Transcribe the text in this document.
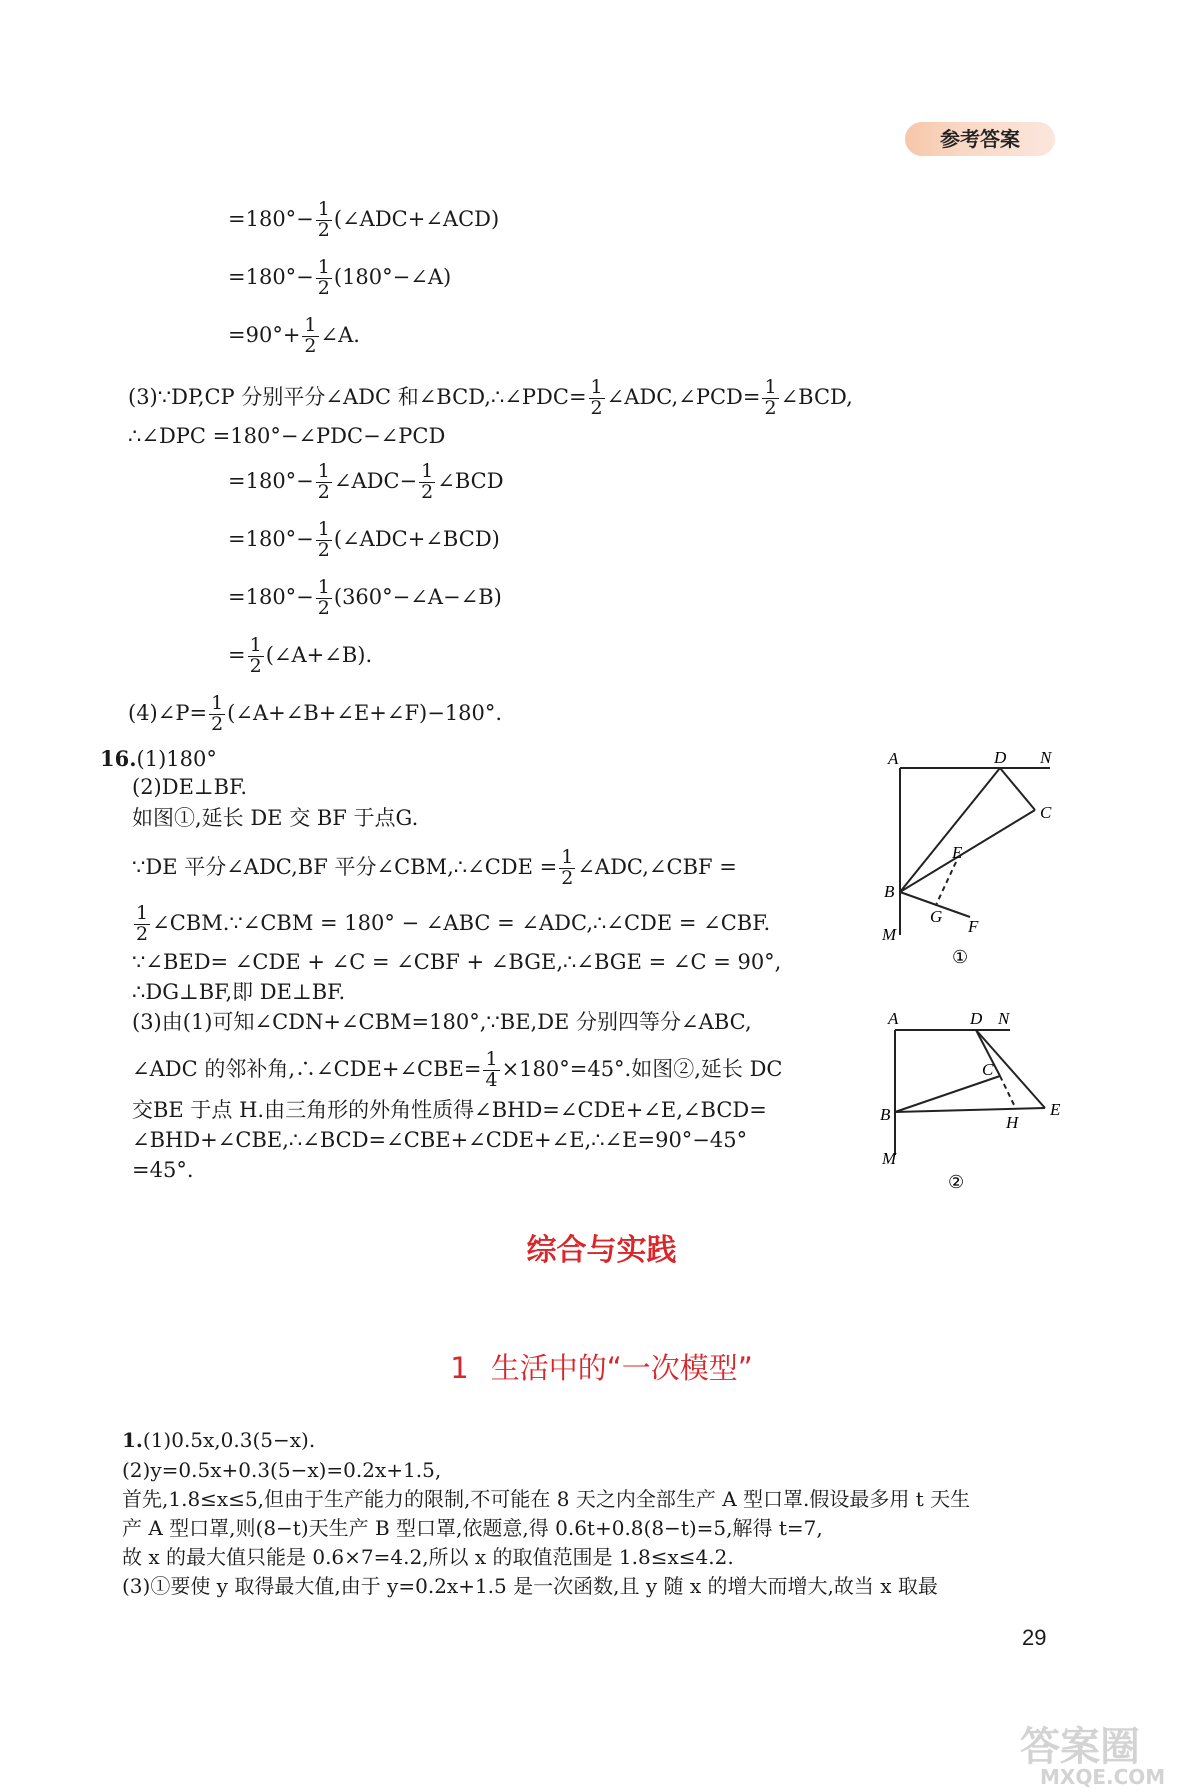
参考答案
$=180^\circ- \frac{1}{2}$ (∠ADC+∠ACD)
$=180^\circ- \frac{1}{2}$ (180°−∠A)
$=90^\circ+ \frac{1}{2}$ ∠A.
(3)∵DP,CP 分别平分∠ADC 和∠BCD,∴∠PDC= $\frac{1}{2}$ ∠ADC,∠PCD= $\frac{1}{2}$ ∠BCD,
∴∠DPC =180°−∠PDC−∠PCD
$=180^\circ- \frac{1}{2}$ ∠ADC− $\frac{1}{2}$ ∠BCD
$=180^\circ- \frac{1}{2}$ (∠ADC+∠BCD)
$=180^\circ- \frac{1}{2}$ (360°−∠A−∠B)
= $\frac{1}{2}$ (∠A+∠B).
(4)∠P= $\frac{1}{2}$ (∠A+∠B+∠E+∠F)−180°.
16.(1)180°
(2)DE⊥BF.
如图①,延长 DE 交 BF 于点G.
∵DE 平分∠ADC,BF 平分∠CBM,∴∠CDE = $\frac{1}{2}$ ∠ADC,∠CBF =
$\frac{1}{2}$ ∠CBM.∵∠CBM = 180° − ∠ABC = ∠ADC,∴∠CDE = ∠CBF.
∵∠BED= ∠CDE + ∠C = ∠CBF + ∠BGE,∴∠BGE = ∠C = 90°,
∴DG⊥BF,即 DE⊥BF.
(3)由(1)可知∠CDN+∠CBM=180°,∵BE,DE 分别四等分∠ABC,
∠ADC 的邻补角,∴∠CDE+∠CBE= $\frac{1}{4} \times 180^\circ=45^\circ$.如图②,延长 DC
交BE 于点 H.由三角形的外角性质得∠BHD=∠CDE+∠E,∠BCD=
∠BHD+∠CBE,∴∠BCD=∠CBE+∠CDE+∠E,∴∠E=90°−45°
=45°.
A	D N
C
E
B
G
F
M
①
A	D N
C
E
B	H
M
②
综合与实践
1 生活中的“一次模型”
1.(1)0.5x,0.3(5−x).
(2)y=0.5x+0.3(5−x)=0.2x+1.5,
首先,1.8≤x≤5,但由于生产能力的限制,不可能在 8 天之内全部生产 A 型口罩.假设最多用 t 天生
产 A 型口罩,则(8−t)天生产 B 型口罩,依题意,得 0.6t+0.8(8−t)=5,解得 t=7,
故 x 的最大值只能是 0.6×7=4.2,所以 x 的取值范围是 1.8≤x≤4.2.
(3)①要使 y 取得最大值,由于 y=0.2x+1.5 是一次函数,且 y 随 x 的增大而增大,故当 x 取最
29
答案圈
MXQE.COM
